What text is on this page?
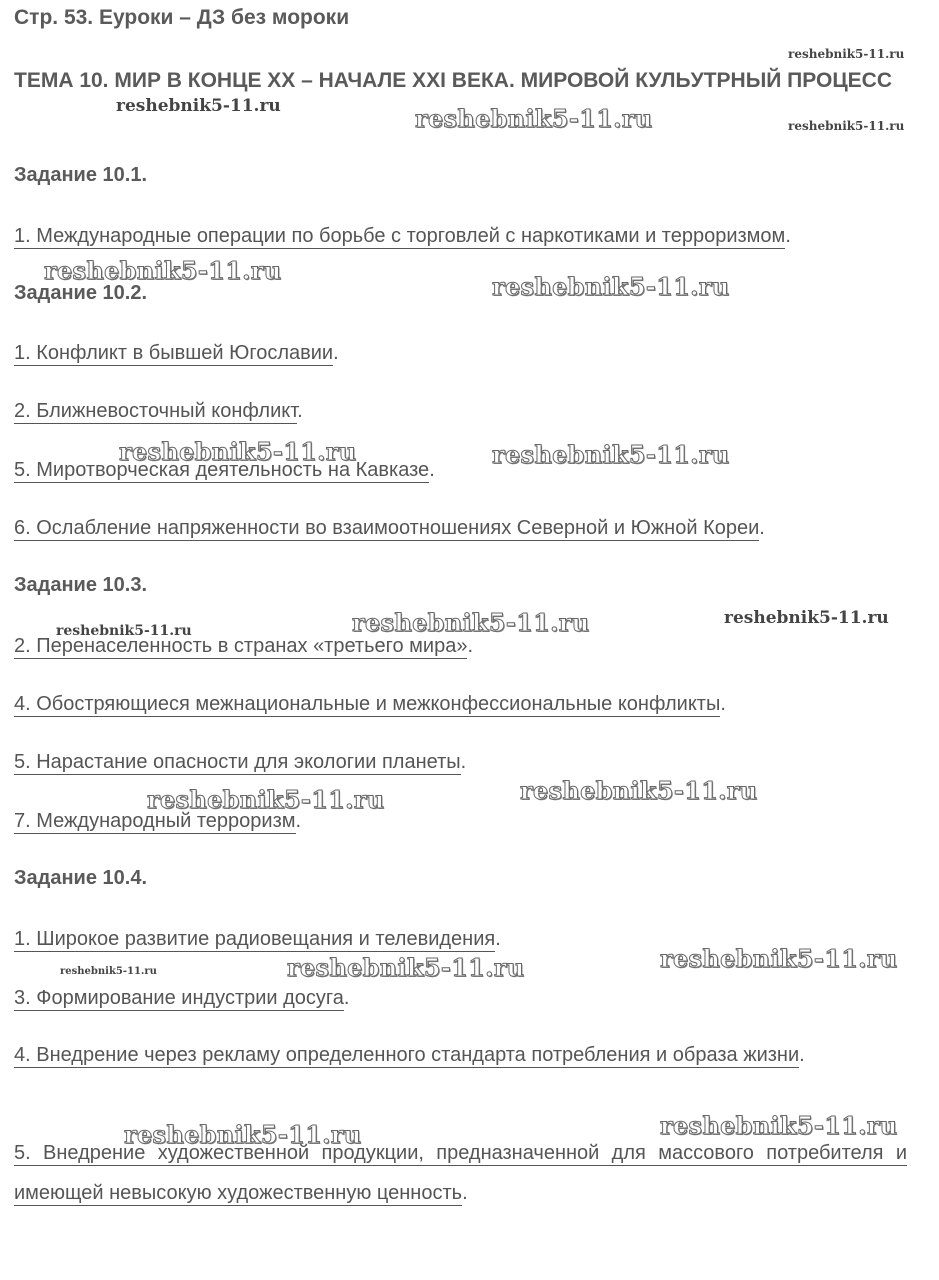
Стр. 53. Еуроки – ДЗ без мороки
ТЕМА 10. МИР В КОНЦЕ XX – НАЧАЛЕ XXI ВЕКА. МИРОВОЙ КУЛЬУТРНЫЙ ПРОЦЕСС
Задание 10.1.

1. Международные операции по борьбе с торговлей с наркотиками и терроризмом.

Задание 10.2.

1. Конфликт в бывшей Югославии.

2. Ближневосточный конфликт.

5. Миротворческая деятельность на Кавказе.

6. Ослабление напряженности во взаимоотношениях Северной и Южной Кореи.

Задание 10.3.

2. Перенаселенность в странах «третьего мира».

4. Обостряющиеся межнациональные и межконфессиональные конфликты.

5. Нарастание опасности для экологии планеты.

7. Международный терроризм.

Задание 10.4.

1. Широкое развитие радиовещания и телевидения.

3. Формирование индустрии досуга.

4. Внедрение через рекламу определенного стандарта потребления и образа жизни.

5. Внедрение художественной продукции, предназначенной для массового потребителя и имеющей невысокую художественную ценность.

reshebnik5-11.ru
reshebnik5-11.ru	reshebnik5-11.ru	reshebnik5-11.ru
reshebnik5-11.ru
reshebnik5-11.ru
reshebnik5-11.ru	reshebnik5-11.ru
reshebnik5-11.ru	reshebnik5-11.ru
reshebnik5-11.ru
reshebnik5-11.ru
reshebnik5-11.ru
reshebnik5-11.ru
reshebnik5-11.ru
reshebnik5-11.ru
reshebnik5-11.ru
reshebnik5-11.ru
